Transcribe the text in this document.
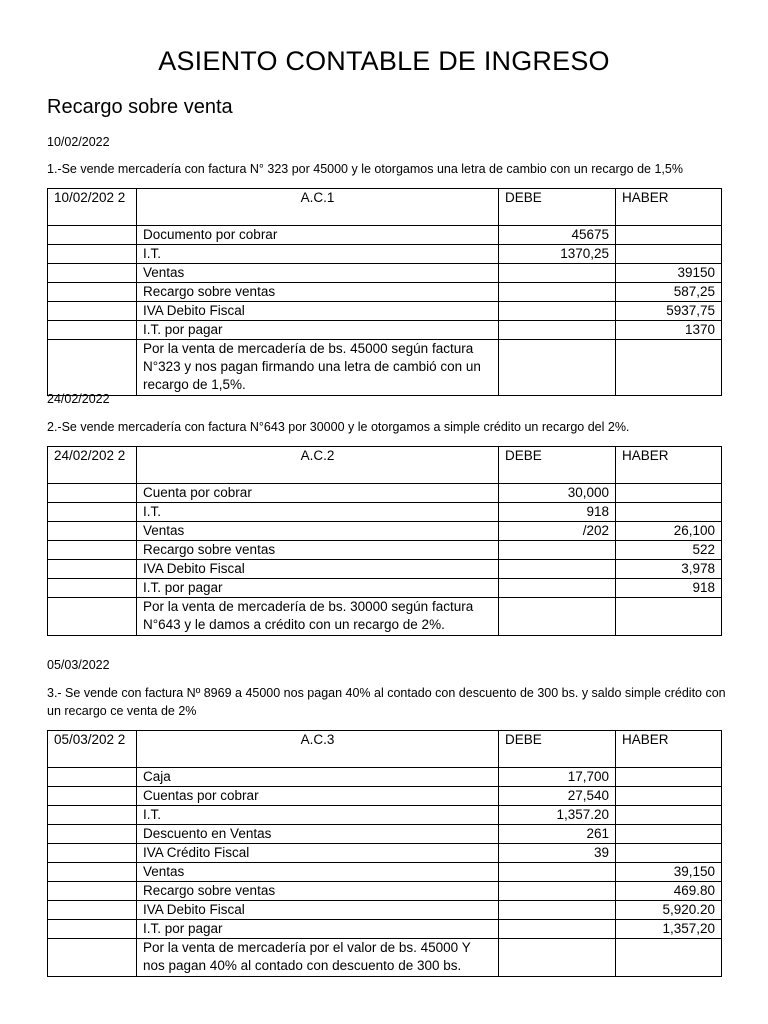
ASIENTO CONTABLE DE INGRESO
Recargo sobre venta

10/02/2022

1.-Se vende mercadería con factura N° 323 por 45000 y le otorgamos una letra de cambio con un recargo de 1,5%

10/02/202 2	A.C.1	DEBE	HABER
	Documento por cobrar	45675	
	I.T.	1370,25	
	Ventas		39150
	Recargo sobre ventas		587,25
	IVA Debito Fiscal		5937,75
	I.T. por pagar		1370
	Por la venta de mercadería de bs. 45000 según factura N°323 y nos pagan firmando una letra de cambió con un recargo de 1,5%.		

24/02/2022

2.-Se vende mercadería con factura N°643 por 30000 y le otorgamos a simple crédito un recargo del 2%.

24/02/202 2	A.C.2	DEBE	HABER
	Cuenta por cobrar	30,000	
	I.T.	918	
	Ventas	/202	26,100
	Recargo sobre ventas		522
	IVA Debito Fiscal		3,978
	I.T. por pagar		918
	Por la venta de mercadería de bs. 30000 según factura N°643 y le damos a crédito con un recargo de 2%.		

05/03/2022

3.- Se vende con factura Nº 8969 a 45000 nos pagan 40% al contado con descuento de 300 bs. y saldo simple crédito con un recargo ce venta de 2%

05/03/202 2	A.C.3	DEBE	HABER
	Caja	17,700	
	Cuentas por cobrar	27,540	
	I.T.	1,357.20	
	Descuento en Ventas	261	
	IVA Crédito Fiscal	39	
	Ventas		39,150
	Recargo sobre ventas		469.80
	IVA Debito Fiscal		5,920.20
	I.T. por pagar		1,357,20
	Por la venta de mercadería por el valor de bs. 45000 Y nos pagan 40% al contado con descuento de 300 bs.		
